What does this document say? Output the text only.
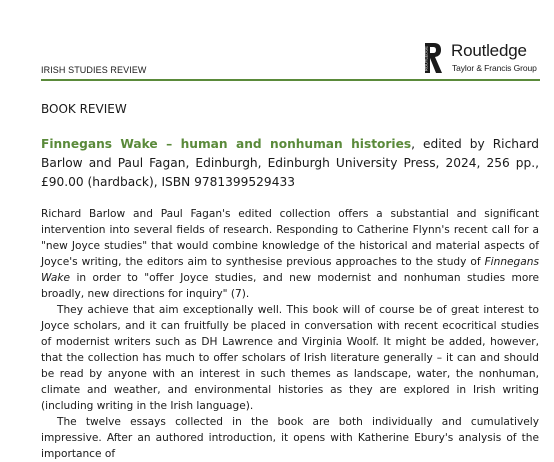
IRISH STUDIES REVIEW	ROUTLEDGE Routledge
Taylor & Francis Group
BOOK REVIEW
Finnegans Wake – human and nonhuman histories, edited by Richard Barlow and Paul Fagan, Edinburgh, Edinburgh University Press, 2024, 256 pp., £90.00 (hardback), ISBN 9781399529433

Richard Barlow and Paul Fagan's edited collection offers a substantial and significant intervention into several fields of research. Responding to Catherine Flynn's recent call for a "new Joyce studies" that would combine knowledge of the historical and material aspects of Joyce's writing, the editors aim to synthesise previous approaches to the study of Finnegans Wake in order to "offer Joyce studies, and new modernist and nonhuman studies more broadly, new directions for inquiry" (7).

They achieve that aim exceptionally well. This book will of course be of great interest to Joyce scholars, and it can fruitfully be placed in conversation with recent ecocritical studies of modernist writers such as DH Lawrence and Virginia Woolf. It might be added, however, that the collection has much to offer scholars of Irish literature generally – it can and should be read by anyone with an interest in such themes as landscape, water, the nonhuman, climate and weather, and environmental histories as they are explored in Irish writing (including writing in the Irish language).

The twelve essays collected in the book are both individually and cumulatively impressive. After an authored introduction, it opens with Katherine Ebury's analysis of the importance of
